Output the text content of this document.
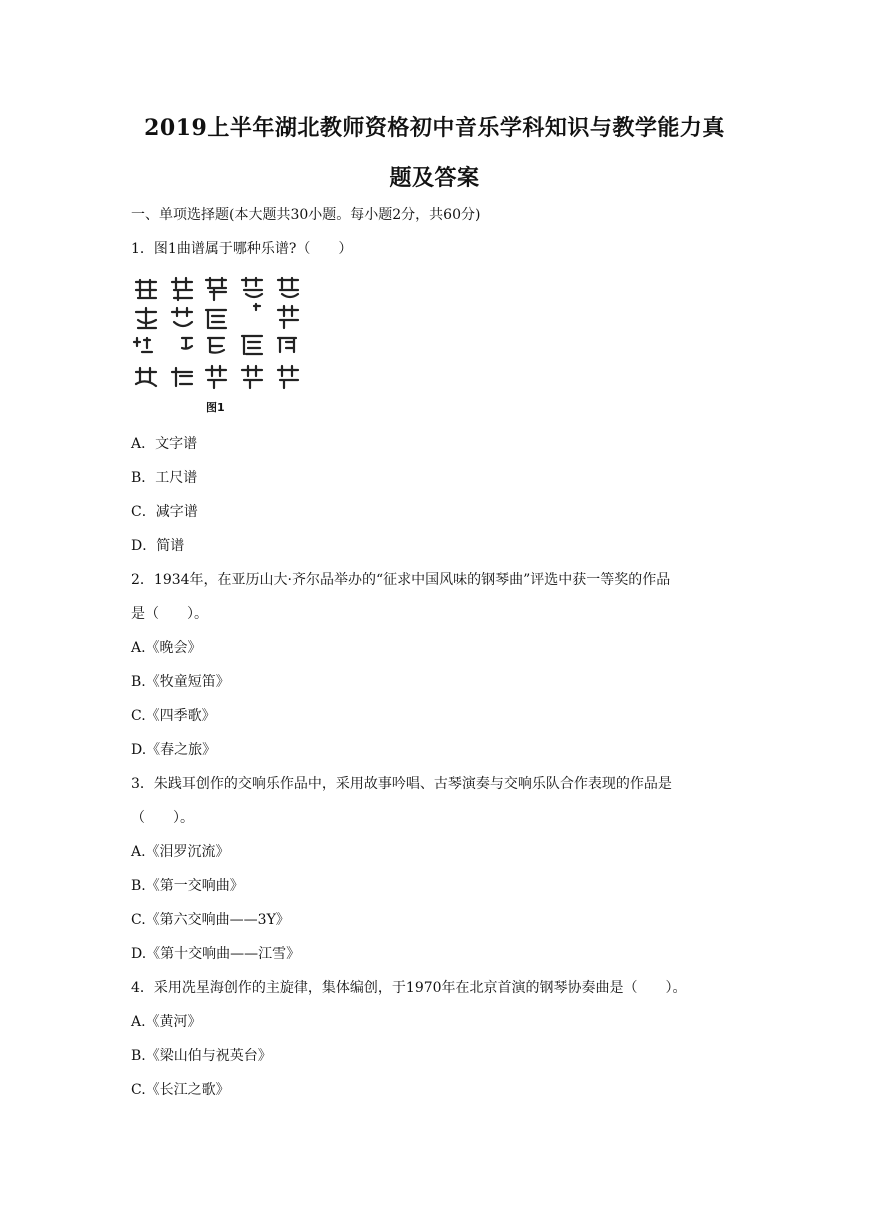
2019上半年湖北教师资格初中音乐学科知识与教学能力真
题及答案
一、单项选择题(本大题共30小题。每小题2分，共60分)
1．图1曲谱属于哪种乐谱?（　　）
图1
A．文字谱
B．工尺谱
C．减字谱
D．简谱
2．1934年，在亚历山大·齐尔品举办的“征求中国风味的钢琴曲”评选中获一等奖的作品
是（　　）。
A.《晚会》
B.《牧童短笛》
C.《四季歌》
D.《春之旅》
3．朱践耳创作的交响乐作品中，采用故事吟唱、古琴演奏与交响乐队合作表现的作品是
（　　）。
A.《泪罗沉流》
B.《第一交响曲》
C.《第六交响曲——3Y》
D.《第十交响曲——江雪》
4．采用冼星海创作的主旋律，集体编创，于1970年在北京首演的钢琴协奏曲是（　　）。
A.《黄河》
B.《梁山伯与祝英台》
C.《长江之歌》
